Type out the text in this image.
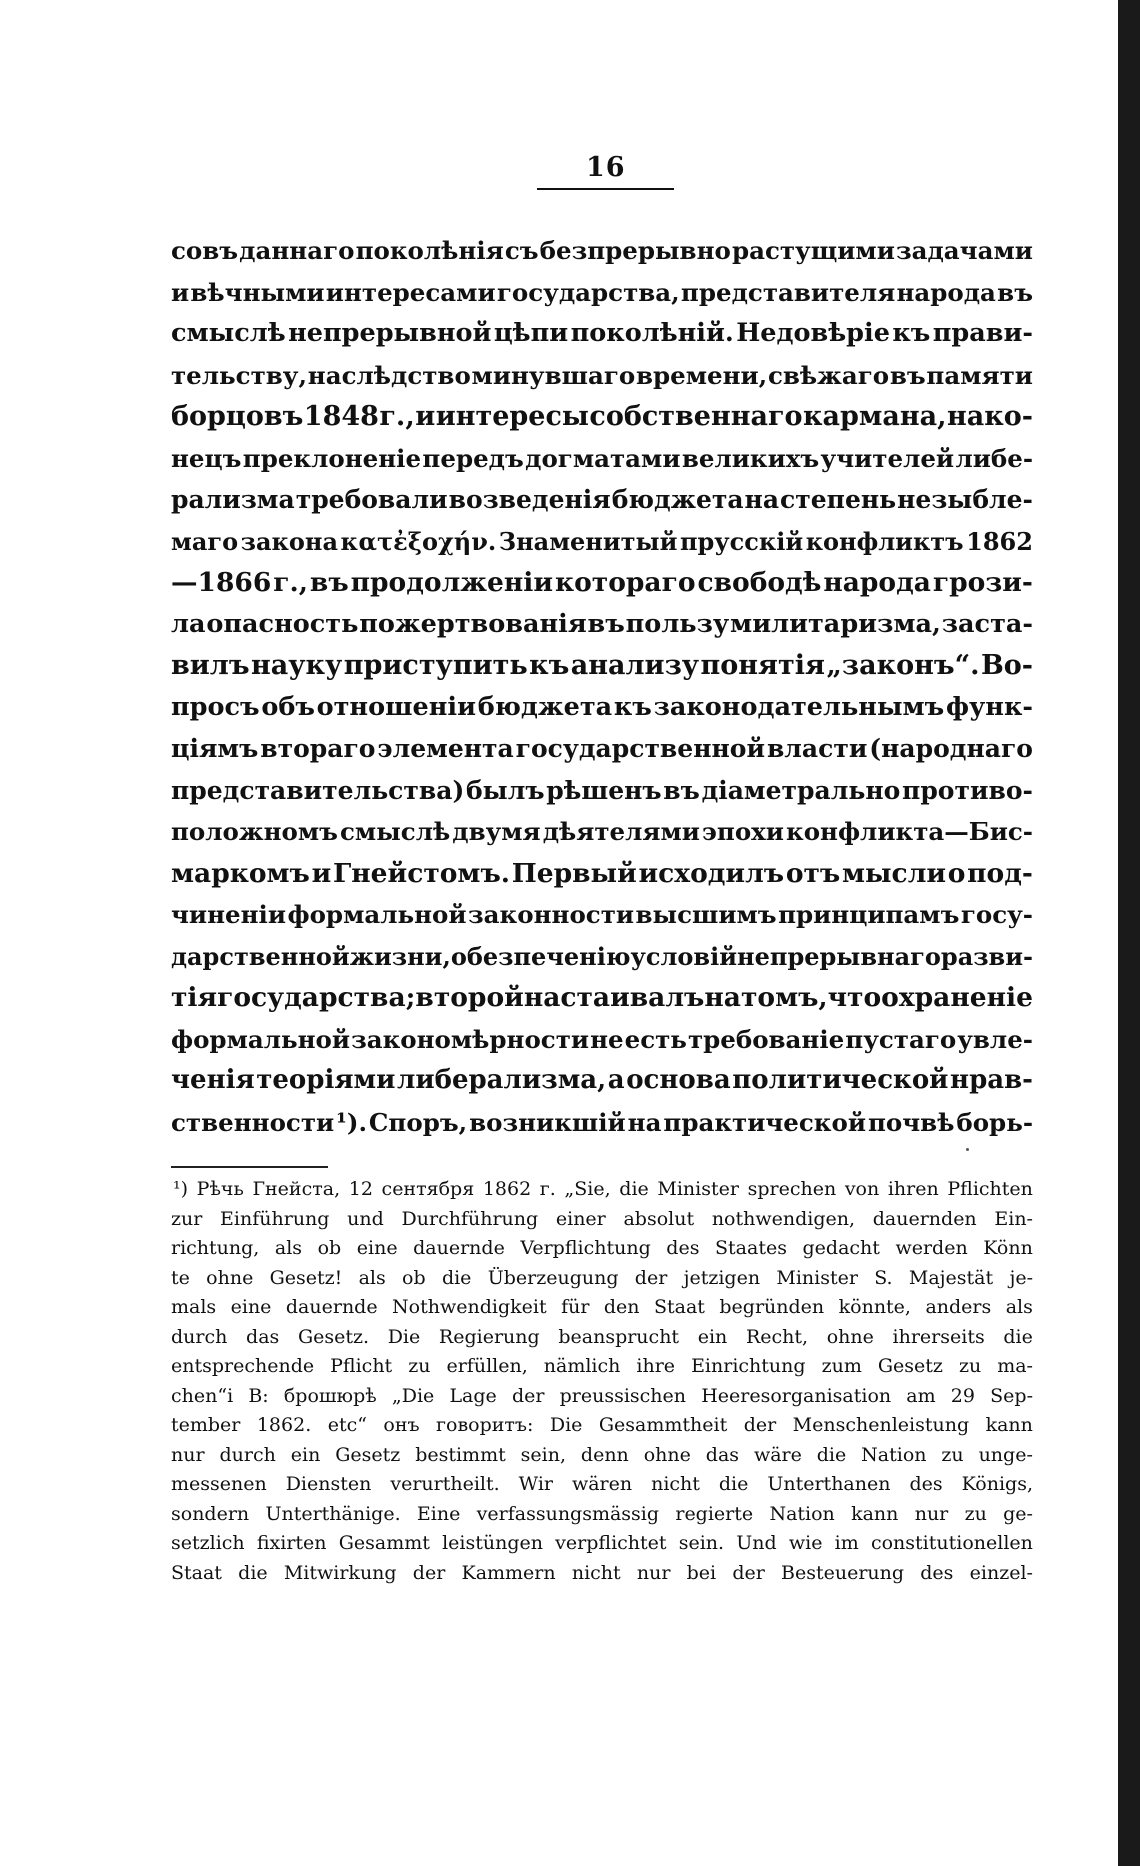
16
совъ даннаго поколѣнія съ безпрерывно растущими задачами
и вѣчными интересами государства, представителя народа въ
смыслѣ непрерывной цѣпи поколѣній. Недовѣріе къ прави-
тельству, наслѣдство минувшаго времени, свѣжаго въ памяти
борцовъ 1848 г., и интересы собственнаго кармана, нако-
нецъ преклоненіе передъ догматами великихъ учителей либе-
рализма требовали возведенія бюджета на степень незыбле-
маго закона κατἐξοχήν. Знаменитый прусскій конфликтъ 1862
—1866 г., въ продолженіи котораго свободѣ народа грози-
ла опасность пожертвованія въ пользу милитаризма, заста-
вилъ науку приступить къ анализу понятія „законъ“. Во-
просъ объ отношеніи бюджета къ законодательнымъ функ-
ціямъ втораго элемента государственной власти (народнаго
представительства) былъ рѣшенъ въ діаметрально противо-
положномъ смыслѣ двумя дѣятелями эпохи конфликта—Бис-
маркомъ и Гнейстомъ. Первый исходилъ отъ мысли о под-
чиненіи формальной законности высшимъ принципамъ госу-
дарственной жизни, обезпеченію условій непрерывнаго разви-
тія государства; второй настаивалъ на томъ, что охраненіе
формальной закономѣрности не есть требованіе пустаго увле-
ченія теоріями либерализма, а основа политической нрав-
ственности ¹). Споръ, возникшій на практической почвѣ борь-
¹) Рѣчь Гнейста, 12 сентября 1862 г. „Sie, die Minister sprechen von ihren Pflichten
zur Einführung und Durchführung einer absolut nothwendigen, dauernden Ein-
richtung, als ob eine dauernde Verpflichtung des Staates gedacht werden Könn
te ohne Gesetz! als ob die Überzeugung der jetzigen Minister S. Majestät je-
mals eine dauernde Nothwendigkeit für den Staat begründen könnte, anders als
durch das Gesetz. Die Regierung beansprucht ein Recht, ohne ihrerseits die
entsprechende Pflicht zu erfüllen, nämlich ihre Einrichtung zum Gesetz zu ma-
chen“i В: брошюрѣ „Die Lage der preussischen Heeresorganisation am 29 Sep-
tember 1862. etc“ онъ говоритъ: Die Gesammtheit der Menschenleistung kann
nur durch ein Gesetz bestimmt sein, denn ohne das wäre die Nation zu unge-
messenen Diensten verurtheilt. Wir wären nicht die Unterthanen des Königs,
sondern Unterthänige. Eine verfassungsmässig regierte Nation kann nur zu ge-
setzlich fixirten Gesammt leistüngen verpflichtet sein. Und wie im constitutionellen
Staat die Mitwirkung der Kammern nicht nur bei der Besteuerung des einzel-
